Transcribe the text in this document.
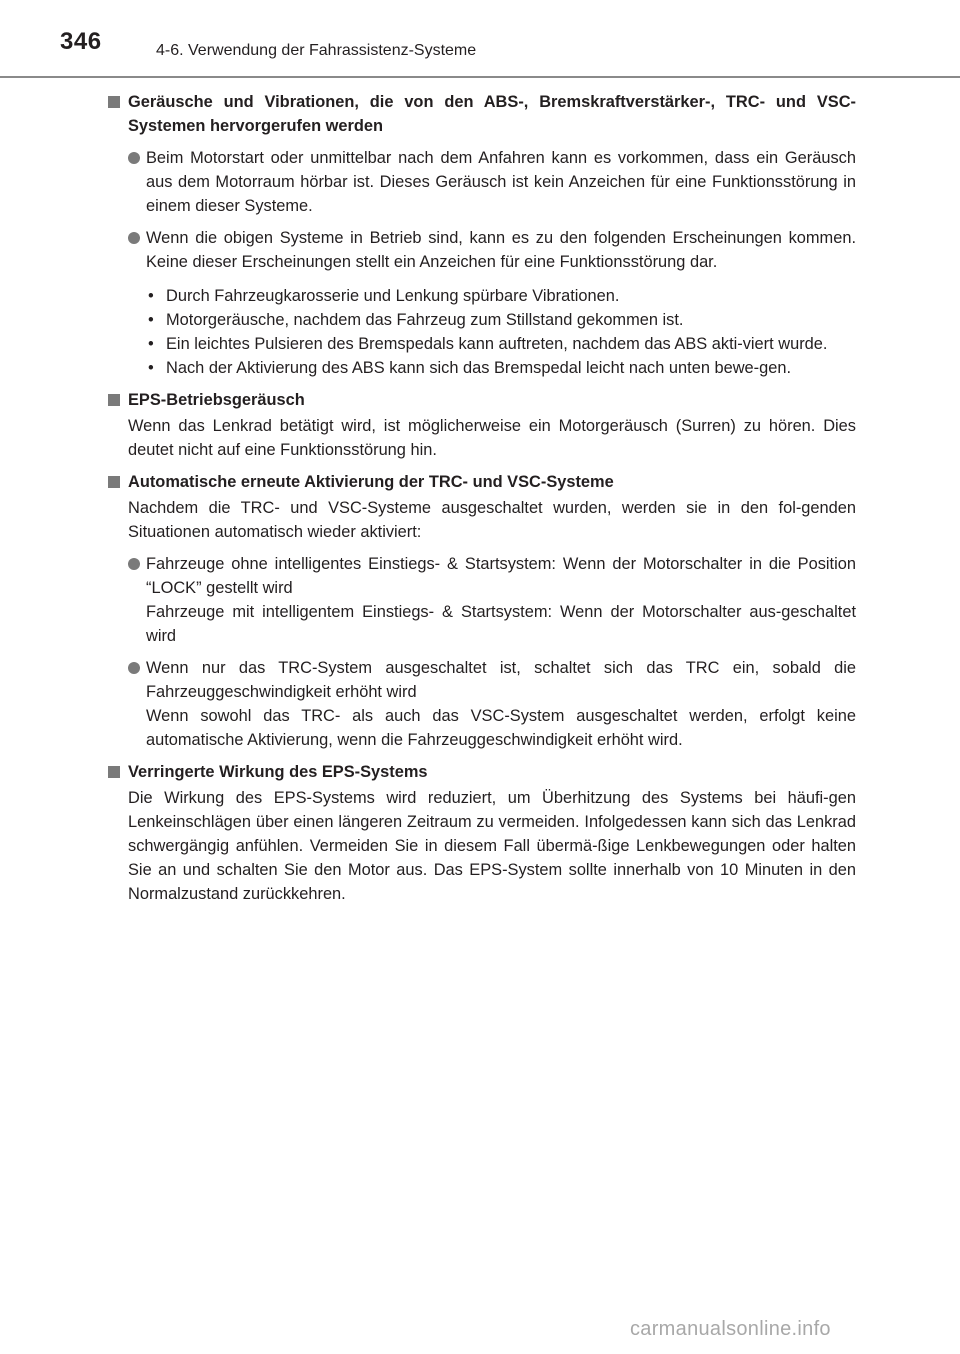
346	4-6. Verwendung der Fahrassistenz-Systeme
Geräusche und Vibrationen, die von den ABS-, Bremskraftverstärker-, TRC- und VSC-Systemen hervorgerufen werden
Beim Motorstart oder unmittelbar nach dem Anfahren kann es vorkommen, dass ein Geräusch aus dem Motorraum hörbar ist. Dieses Geräusch ist kein Anzeichen für eine Funktionsstörung in einem dieser Systeme.
Wenn die obigen Systeme in Betrieb sind, kann es zu den folgenden Erscheinungen kommen. Keine dieser Erscheinungen stellt ein Anzeichen für eine Funktionsstörung dar.
• Durch Fahrzeugkarosserie und Lenkung spürbare Vibrationen.
• Motorgeräusche, nachdem das Fahrzeug zum Stillstand gekommen ist.
• Ein leichtes Pulsieren des Bremspedals kann auftreten, nachdem das ABS akti-viert wurde.
• Nach der Aktivierung des ABS kann sich das Bremspedal leicht nach unten bewe-gen.
EPS-Betriebsgeräusch
Wenn das Lenkrad betätigt wird, ist möglicherweise ein Motorgeräusch (Surren) zu hören. Dies deutet nicht auf eine Funktionsstörung hin.
Automatische erneute Aktivierung der TRC- und VSC-Systeme
Nachdem die TRC- und VSC-Systeme ausgeschaltet wurden, werden sie in den fol-genden Situationen automatisch wieder aktiviert:
Fahrzeuge ohne intelligentes Einstiegs- & Startsystem: Wenn der Motorschalter in die Position “LOCK” gestellt wird
Fahrzeuge mit intelligentem Einstiegs- & Startsystem: Wenn der Motorschalter aus-geschaltet wird
Wenn nur das TRC-System ausgeschaltet ist, schaltet sich das TRC ein, sobald die Fahrzeuggeschwindigkeit erhöht wird
Wenn sowohl das TRC- als auch das VSC-System ausgeschaltet werden, erfolgt keine automatische Aktivierung, wenn die Fahrzeuggeschwindigkeit erhöht wird.
Verringerte Wirkung des EPS-Systems
Die Wirkung des EPS-Systems wird reduziert, um Überhitzung des Systems bei häufi-gen Lenkeinschlägen über einen längeren Zeitraum zu vermeiden. Infolgedessen kann sich das Lenkrad schwergängig anfühlen. Vermeiden Sie in diesem Fall übermä-ßige Lenkbewegungen oder halten Sie an und schalten Sie den Motor aus. Das EPS-System sollte innerhalb von 10 Minuten in den Normalzustand zurückkehren.
carmanualsonline.info
